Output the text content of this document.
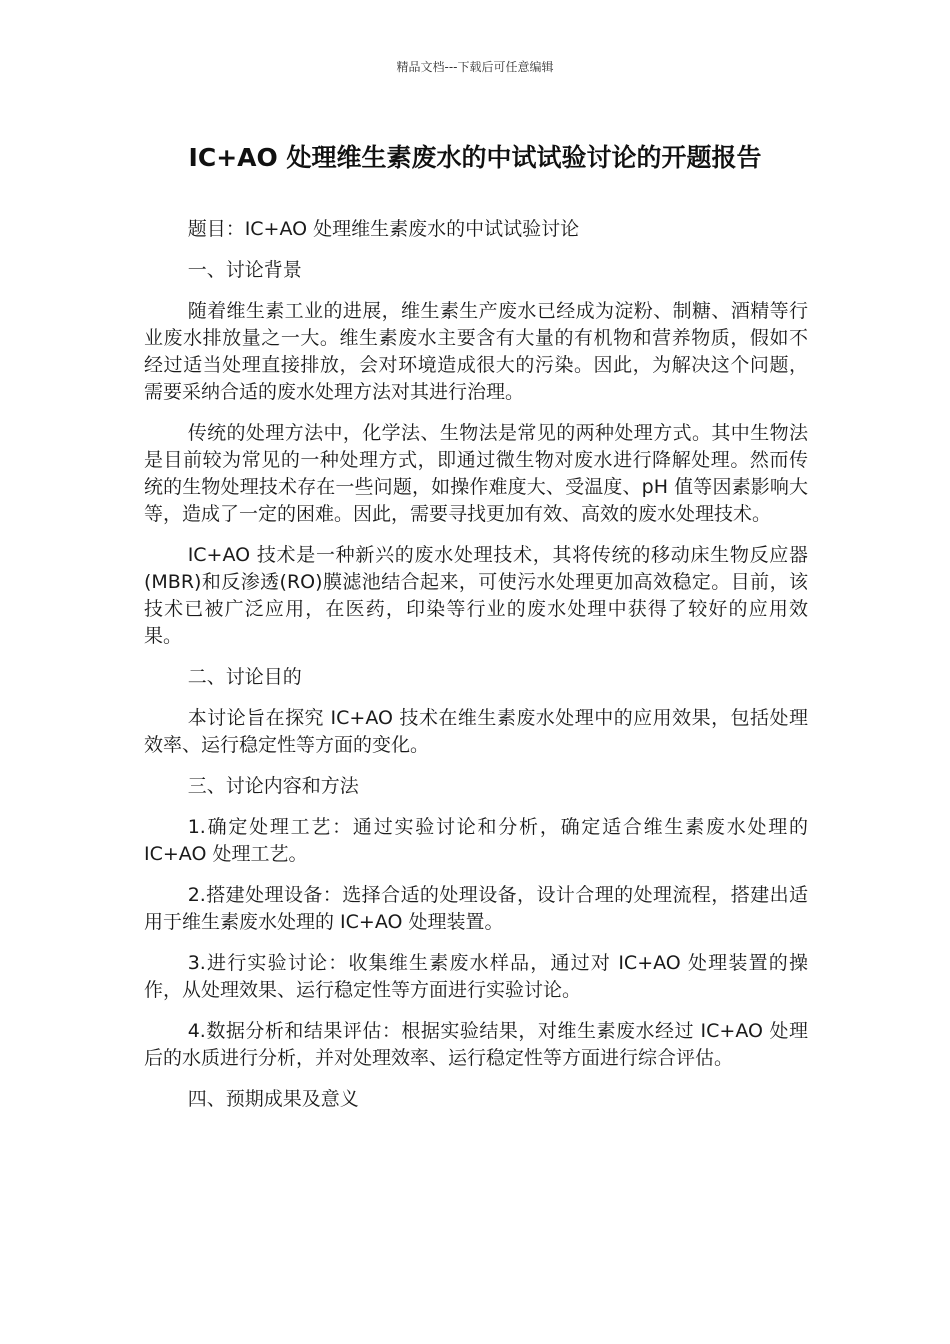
精品文档---下载后可任意编辑
IC+AO 处理维生素废水的中试试验讨论的开题报告

题目：IC+AO 处理维生素废水的中试试验讨论

一、讨论背景

随着维生素工业的进展，维生素生产废水已经成为淀粉、制糖、酒精等行业废水排放量之一大。维生素废水主要含有大量的有机物和营养物质，假如不经过适当处理直接排放，会对环境造成很大的污染。因此，为解决这个问题，需要采纳合适的废水处理方法对其进行治理。

传统的处理方法中，化学法、生物法是常见的两种处理方式。其中生物法是目前较为常见的一种处理方式，即通过微生物对废水进行降解处理。然而传统的生物处理技术存在一些问题，如操作难度大、受温度、pH 值等因素影响大等，造成了一定的困难。因此，需要寻找更加有效、高效的废水处理技术。

IC+AO 技术是一种新兴的废水处理技术，其将传统的移动床生物反应器(MBR)和反渗透(RO)膜滤池结合起来，可使污水处理更加高效稳定。目前，该技术已被广泛应用，在医药，印染等行业的废水处理中获得了较好的应用效果。

二、讨论目的

本讨论旨在探究 IC+AO 技术在维生素废水处理中的应用效果，包括处理效率、运行稳定性等方面的变化。

三、讨论内容和方法

1.确定处理工艺：通过实验讨论和分析，确定适合维生素废水处理的 IC+AO 处理工艺。

2.搭建处理设备：选择合适的处理设备，设计合理的处理流程，搭建出适用于维生素废水处理的 IC+AO 处理装置。

3.进行实验讨论：收集维生素废水样品，通过对 IC+AO 处理装置的操作，从处理效果、运行稳定性等方面进行实验讨论。

4.数据分析和结果评估：根据实验结果，对维生素废水经过 IC+AO 处理后的水质进行分析，并对处理效率、运行稳定性等方面进行综合评估。

四、预期成果及意义
